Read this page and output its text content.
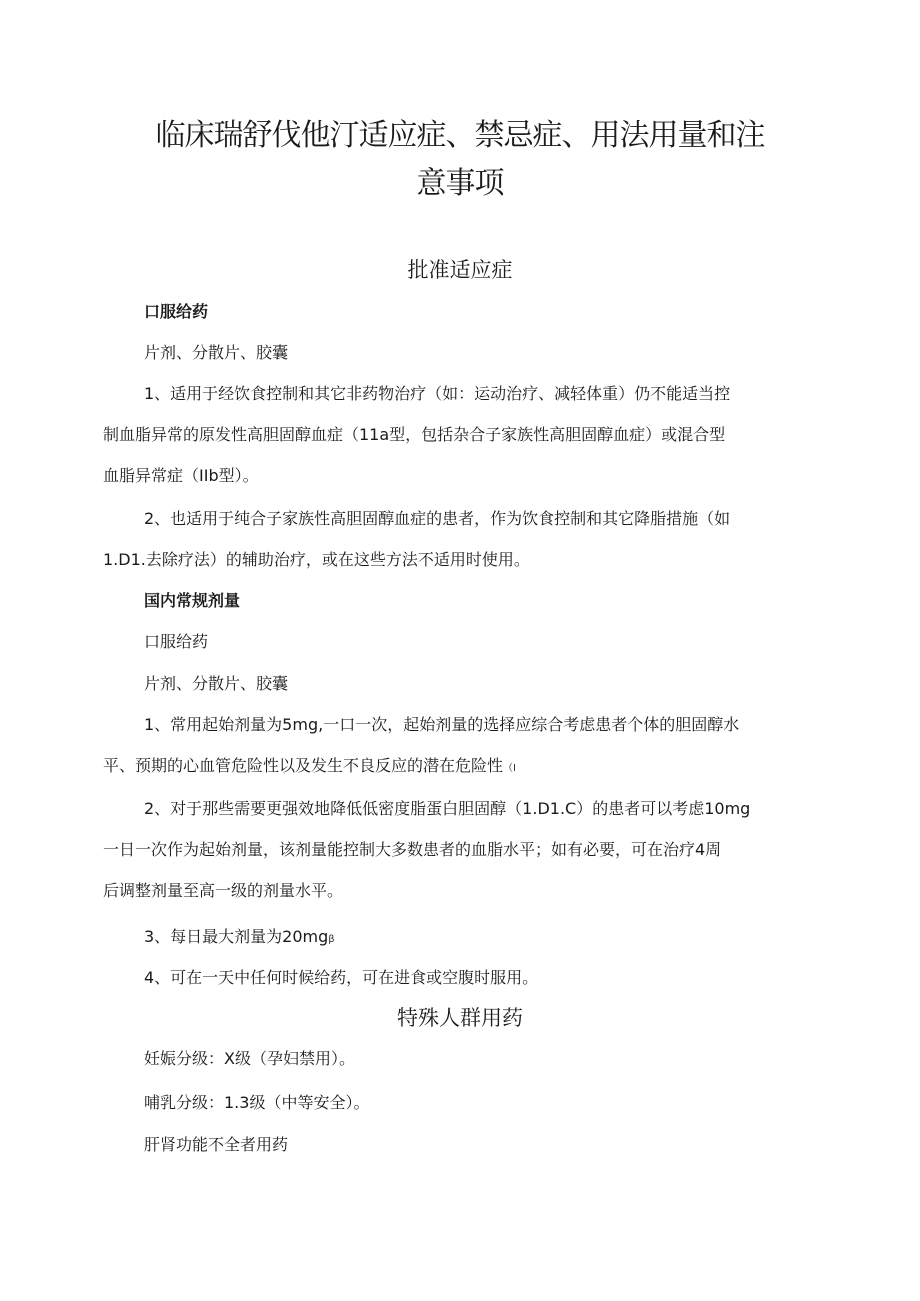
临床瑞舒伐他汀适应症、禁忌症、用法用量和注
意事项
批准适应症

口服给药

片剂、分散片、胶囊

1、适用于经饮食控制和其它非药物治疗（如：运动治疗、减轻体重）仍不能适当控
制血脂异常的原发性高胆固醇血症（11a型，包括杂合子家族性高胆固醇血症）或混合型
血脂异常症（IIb型）。

2、也适用于纯合子家族性高胆固醇血症的患者，作为饮食控制和其它降脂措施（如
1.D1.去除疗法）的辅助治疗，或在这些方法不适用时使用。

国内常规剂量

口服给药

片剂、分散片、胶囊

1、常用起始剂量为5mg,一口一次，起始剂量的选择应综合考虑患者个体的胆固醇水
平、预期的心血管危险性以及发生不良反应的潜在危险性（I

2、对于那些需要更强效地降低低密度脂蛋白胆固醇（1.D1.C）的患者可以考虑10mg
一日一次作为起始剂量，该剂量能控制大多数患者的血脂水平；如有必要，可在治疗4周
后调整剂量至高一级的剂量水平。

3、每日最大剂量为20mgβ

4、可在一天中任何时候给药，可在进食或空腹时服用。

特殊人群用药

妊娠分级：X级（孕妇禁用）。

哺乳分级：1.3级（中等安全）。

肝肾功能不全者用药
